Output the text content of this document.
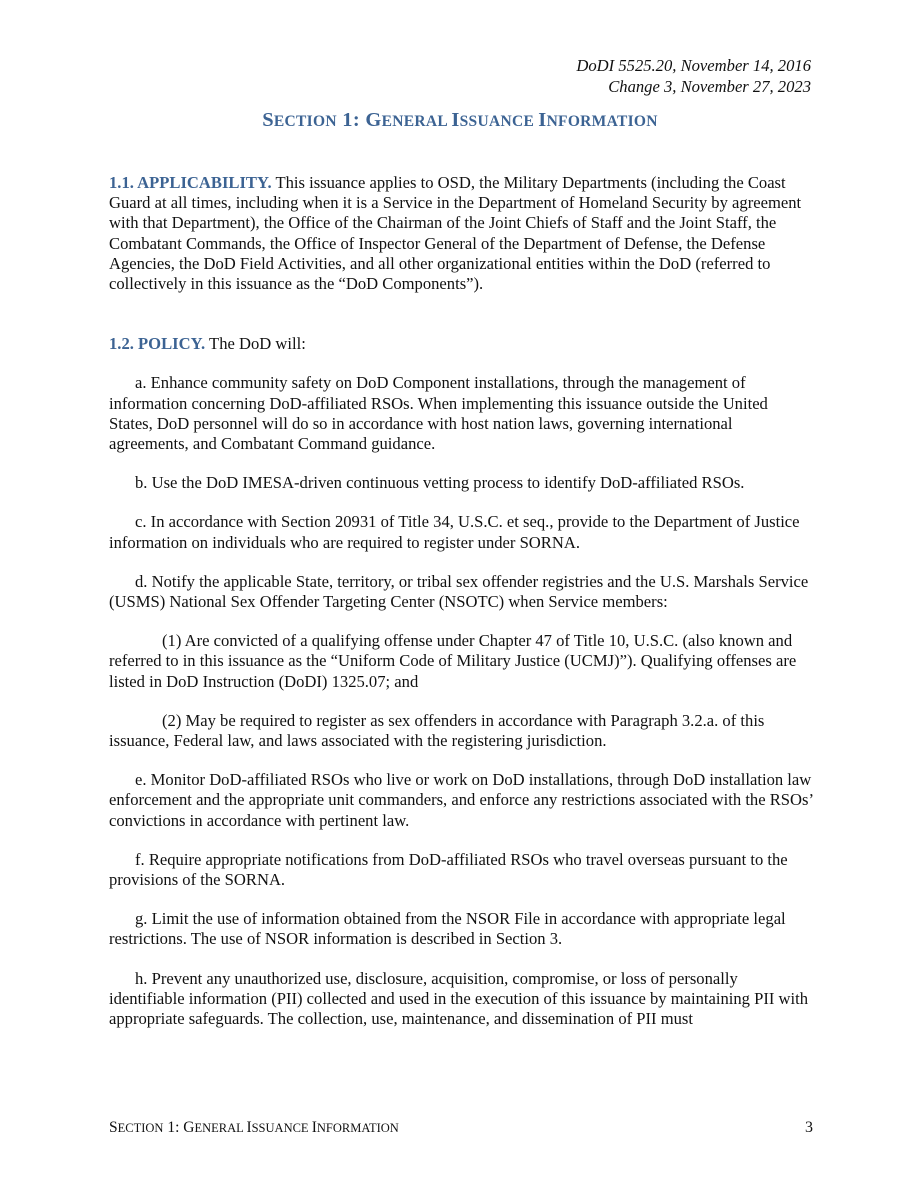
DoDI 5525.20, November 14, 2016
Change 3, November 27, 2023
SECTION 1: GENERAL ISSUANCE INFORMATION

1.1. APPLICABILITY. This issuance applies to OSD, the Military Departments (including the Coast Guard at all times, including when it is a Service in the Department of Homeland Security by agreement with that Department), the Office of the Chairman of the Joint Chiefs of Staff and the Joint Staff, the Combatant Commands, the Office of Inspector General of the Department of Defense, the Defense Agencies, the DoD Field Activities, and all other organizational entities within the DoD (referred to collectively in this issuance as the “DoD Components”).

1.2. POLICY. The DoD will:

a. Enhance community safety on DoD Component installations, through the management of information concerning DoD-affiliated RSOs. When implementing this issuance outside the United States, DoD personnel will do so in accordance with host nation laws, governing international agreements, and Combatant Command guidance.

b. Use the DoD IMESA-driven continuous vetting process to identify DoD-affiliated RSOs.

c. In accordance with Section 20931 of Title 34, U.S.C. et seq., provide to the Department of Justice information on individuals who are required to register under SORNA.

d. Notify the applicable State, territory, or tribal sex offender registries and the U.S. Marshals Service (USMS) National Sex Offender Targeting Center (NSOTC) when Service members:

(1) Are convicted of a qualifying offense under Chapter 47 of Title 10, U.S.C. (also known and referred to in this issuance as the “Uniform Code of Military Justice (UCMJ)”). Qualifying offenses are listed in DoD Instruction (DoDI) 1325.07; and

(2) May be required to register as sex offenders in accordance with Paragraph 3.2.a. of this issuance, Federal law, and laws associated with the registering jurisdiction.

e. Monitor DoD-affiliated RSOs who live or work on DoD installations, through DoD installation law enforcement and the appropriate unit commanders, and enforce any restrictions associated with the RSOs’ convictions in accordance with pertinent law.

f. Require appropriate notifications from DoD-affiliated RSOs who travel overseas pursuant to the provisions of the SORNA.

g. Limit the use of information obtained from the NSOR File in accordance with appropriate legal restrictions. The use of NSOR information is described in Section 3.

h. Prevent any unauthorized use, disclosure, acquisition, compromise, or loss of personally identifiable information (PII) collected and used in the execution of this issuance by maintaining PII with appropriate safeguards. The collection, use, maintenance, and dissemination of PII must

SECTION 1: GENERAL ISSUANCE INFORMATION	3
